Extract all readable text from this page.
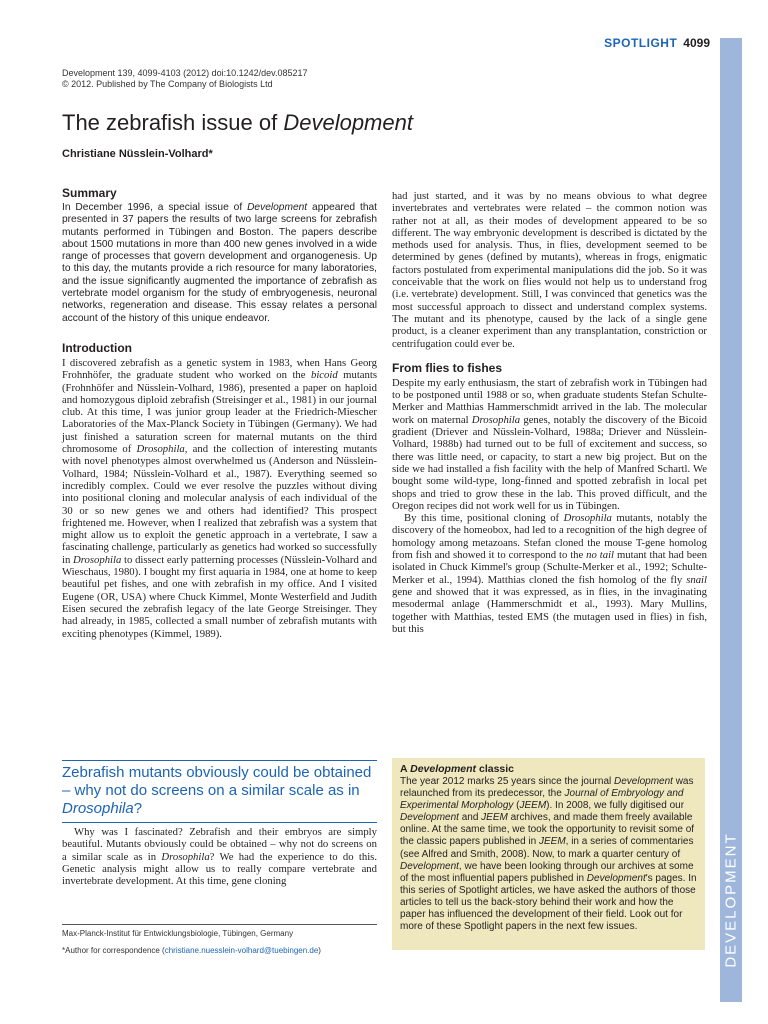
DEVELOPMENT
SPOTLIGHT 4099
Development 139, 4099-4103 (2012) doi:10.1242/dev.085217
© 2012. Published by The Company of Biologists Ltd
The zebrafish issue of Development
Christiane Nüsslein-Volhard*
Summary

In December 1996, a special issue of Development appeared that presented in 37 papers the results of two large screens for zebrafish mutants performed in Tübingen and Boston. The papers describe about 1500 mutations in more than 400 new genes involved in a wide range of processes that govern development and organogenesis. Up to this day, the mutants provide a rich resource for many laboratories, and the issue significantly augmented the importance of zebrafish as vertebrate model organism for the study of embryogenesis, neuronal networks, regeneration and disease. This essay relates a personal account of the history of this unique endeavor.

Introduction

I discovered zebrafish as a genetic system in 1983, when Hans Georg Frohnhöfer, the graduate student who worked on the bicoid mutants (Frohnhöfer and Nüsslein-Volhard, 1986), presented a paper on haploid and homozygous diploid zebrafish (Streisinger et al., 1981) in our journal club. At this time, I was junior group leader at the Friedrich-Miescher Laboratories of the Max-Planck Society in Tübingen (Germany). We had just finished a saturation screen for maternal mutants on the third chromosome of Drosophila, and the collection of interesting mutants with novel phenotypes almost overwhelmed us (Anderson and Nüsslein-Volhard, 1984; Nüsslein-Volhard et al., 1987). Everything seemed so incredibly complex. Could we ever resolve the puzzles without diving into positional cloning and molecular analysis of each individual of the 30 or so new genes we and others had identified? This prospect frightened me. However, when I realized that zebrafish was a system that might allow us to exploit the genetic approach in a vertebrate, I saw a fascinating challenge, particularly as genetics had worked so successfully in Drosophila to dissect early patterning processes (Nüsslein-Volhard and Wieschaus, 1980). I bought my first aquaria in 1984, one at home to keep beautiful pet fishes, and one with zebrafish in my office. And I visited Eugene (OR, USA) where Chuck Kimmel, Monte Westerfield and Judith Eisen secured the zebrafish legacy of the late George Streisinger. They had already, in 1985, collected a small number of zebrafish mutants with exciting phenotypes (Kimmel, 1989).

Zebrafish mutants obviously could be obtained – why not do screens on a similar scale as in Drosophila?

Why was I fascinated? Zebrafish and their embryos are simply beautiful. Mutants obviously could be obtained – why not do screens on a similar scale as in Drosophila? We had the experience to do this. Genetic analysis might allow us to really compare vertebrate and invertebrate development. At this time, gene cloning

Max-Planck-Institut für Entwicklungsbiologie, Tübingen, Germany
*Author for correspondence (christiane.nuesslein-volhard@tuebingen.de)

had just started, and it was by no means obvious to what degree invertebrates and vertebrates were related – the common notion was rather not at all, as their modes of development appeared to be so different. The way embryonic development is described is dictated by the methods used for analysis. Thus, in flies, development seemed to be determined by genes (defined by mutants), whereas in frogs, enigmatic factors postulated from experimental manipulations did the job. So it was conceivable that the work on flies would not help us to understand frog (i.e. vertebrate) development. Still, I was convinced that genetics was the most successful approach to dissect and understand complex systems. The mutant and its phenotype, caused by the lack of a single gene product, is a cleaner experiment than any transplantation, constriction or centrifugation could ever be.

From flies to fishes

Despite my early enthusiasm, the start of zebrafish work in Tübingen had to be postponed until 1988 or so, when graduate students Stefan Schulte-Merker and Matthias Hammerschmidt arrived in the lab. The molecular work on maternal Drosophila genes, notably the discovery of the Bicoid gradient (Driever and Nüsslein-Volhard, 1988a; Driever and Nüsslein-Volhard, 1988b) had turned out to be full of excitement and success, so there was little need, or capacity, to start a new big project. But on the side we had installed a fish facility with the help of Manfred Schartl. We bought some wild-type, long-finned and spotted zebrafish in local pet shops and tried to grow these in the lab. This proved difficult, and the Oregon recipes did not work well for us in Tübingen.

By this time, positional cloning of Drosophila mutants, notably the discovery of the homeobox, had led to a recognition of the high degree of homology among metazoans. Stefan cloned the mouse T-gene homolog from fish and showed it to correspond to the no tail mutant that had been isolated in Chuck Kimmel's group (Schulte-Merker et al., 1992; Schulte-Merker et al., 1994). Matthias cloned the fish homolog of the fly snail gene and showed that it was expressed, as in flies, in the invaginating mesodermal anlage (Hammerschmidt et al., 1993). Mary Mullins, together with Matthias, tested EMS (the mutagen used in flies) in fish, but this

A Development classic

The year 2012 marks 25 years since the journal Development was relaunched from its predecessor, the Journal of Embryology and Experimental Morphology (JEEM). In 2008, we fully digitised our Development and JEEM archives, and made them freely available online. At the same time, we took the opportunity to revisit some of the classic papers published in JEEM, in a series of commentaries (see Alfred and Smith, 2008). Now, to mark a quarter century of Development, we have been looking through our archives at some of the most influential papers published in Development's pages. In this series of Spotlight articles, we have asked the authors of those articles to tell us the back-story behind their work and how the paper has influenced the development of their field. Look out for more of these Spotlight papers in the next few issues.
